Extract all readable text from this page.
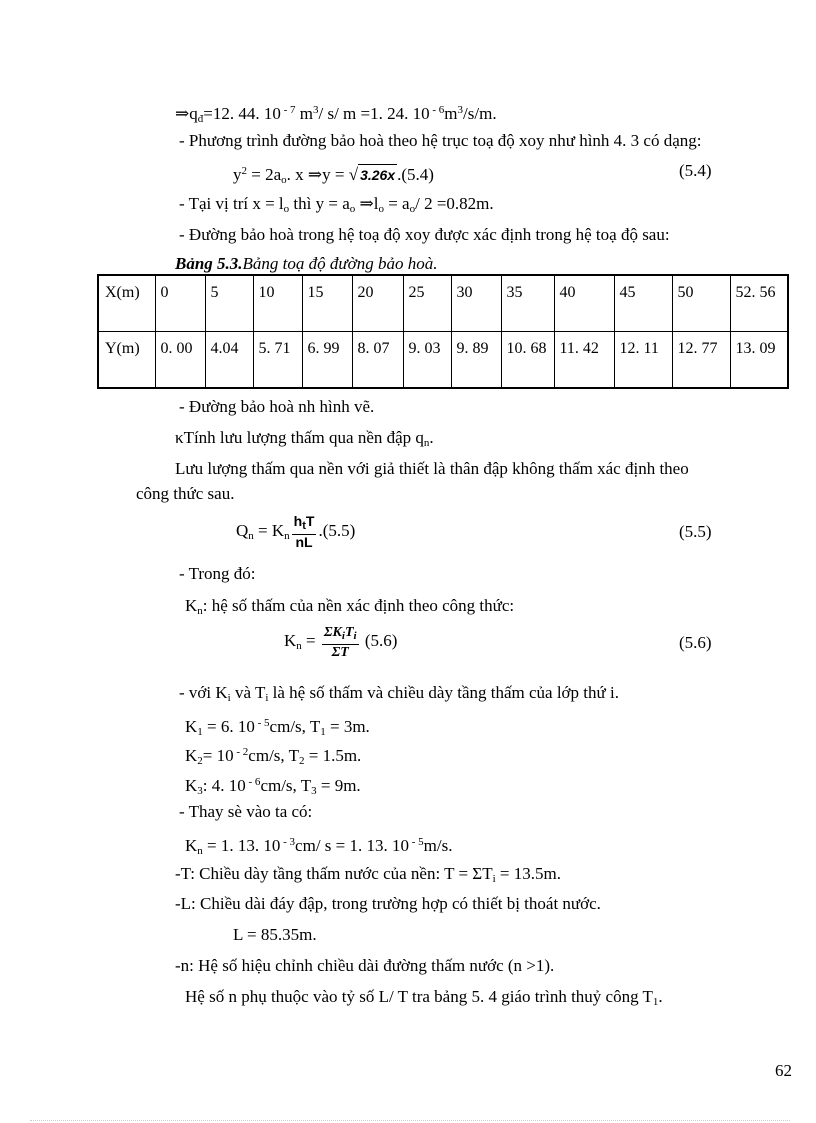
$\Rightarrow q_đ=12$. 44. 10 $^{- 7}$ $m^3/$ s/ m =1. 24. 10 $^{- 6}m^3/s/m$.
- Phương trình đường bảo hoà theo hệ trục toạ độ xoy như hình 4. 3 có dạng:
$y^2 = 2a_o$. x ⇒y = √ 3.26x .(5.4)	(5.4)
- Tại vị trí $x = l_o$ thì $y = a_o$ $\Rightarrow l_o = a_o/$ 2 =0.82m.
- Đường bảo hoà trong hệ toạ độ xoy được xác định trong hệ toạ độ sau:
Bảng 5.3.Bảng toạ độ đường bảo hoà.
X(m)	0	5	10	15	20	25	30	35	40	45	50	52. 56
Y(m)	0. 00	4.04	5. 71	6. 99	8. 07	9. 03	9. 89	10. 68	11. 42	12. 11	12. 77	13. 09
- Đường bảo hoà nh hình vẽ.
κTính lưu lượng thấm qua nền đập $q_n$.
Lưu lượng thấm qua nền với giả thiết là thân đập không thấm xác định theo
công thức sau.
$Q_n = K_n \frac{h_tT}{nL} .(5.5)$	(5.5)
- Trong đó:
$K_n$: hệ số thấm của nền xác định theo công thức:
$K_n = \frac{\Sigma K_iT_i}{\Sigma T} (5.6)$	(5.6)
- với $K_i$ và $T_i$ là hệ số thấm và chiều dày tầng thấm của lớp thứ i.
$K_1 = 6$. 10 $^{- 5}$cm/s, $T_1 = 3m$.
$K_2= 10$ $^{- 2}$cm/s, $T_2 = 1.5m$.
$K_3$: 4. 10 $^{- 6}$cm/s, $T_3 = 9m$.
- Thay sè vào ta có:
$K_n = 1$. 13. 10 $^{- 3}$cm/ s = 1. 13. 10 $^{- 5}$m/s.
-T: Chiều dày tầng thấm nước của nền: $T = \Sigma T_i = 13.5m$.
-L: Chiều dài đáy đập, trong trường hợp có thiết bị thoát nước.
L = 85.35m.
-n: Hệ số hiệu chỉnh chiều dài đường thấm nước (n >1).
Hệ số n phụ thuộc vào tỷ số L/ T tra bảng 5. 4 giáo trình thuỷ công $T_1$.
62
